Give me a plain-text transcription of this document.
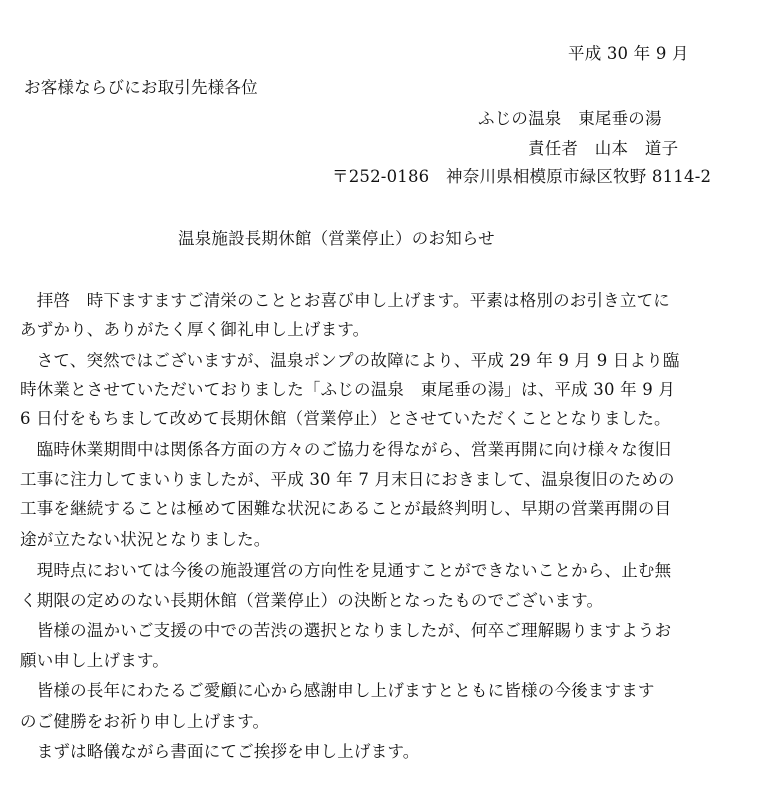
平成 30 年 9 月
お客様ならびにお取引先様各位
ふじの温泉　東尾垂の湯
責任者　山本　道子
〒252-0186　神奈川県相模原市緑区牧野 8114-2
温泉施設長期休館（営業停止）のお知らせ
　拝啓　時下ますますご清栄のこととお喜び申し上げます。平素は格別のお引き立てに
あずかり、ありがたく厚く御礼申し上げます。
　さて、突然ではございますが、温泉ポンプの故障により、平成 29 年 9 月 9 日より臨
時休業とさせていただいておりました「ふじの温泉　東尾垂の湯」は、平成 30 年 9 月
6 日付をもちまして改めて長期休館（営業停止）とさせていただくこととなりました。
　臨時休業期間中は関係各方面の方々のご協力を得ながら、営業再開に向け様々な復旧
工事に注力してまいりましたが、平成 30 年 7 月末日におきまして、温泉復旧のための
工事を継続することは極めて困難な状況にあることが最終判明し、早期の営業再開の目
途が立たない状況となりました。
　現時点においては今後の施設運営の方向性を見通すことができないことから、止む無
く期限の定めのない長期休館（営業停止）の決断となったものでございます。
　皆様の温かいご支援の中での苦渋の選択となりましたが、何卒ご理解賜りますようお
願い申し上げます。
　皆様の長年にわたるご愛顧に心から感謝申し上げますとともに皆様の今後ますます
のご健勝をお祈り申し上げます。
　まずは略儀ながら書面にてご挨拶を申し上げます。
